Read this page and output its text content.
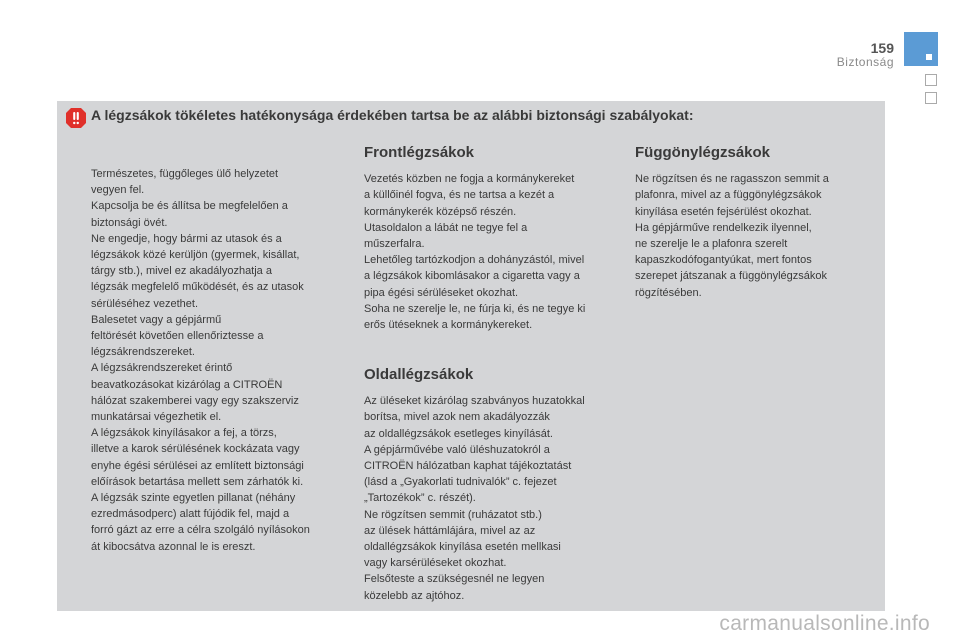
159
Biztonság
A légzsákok tökéletes hatékonysága érdekében tartsa be az alábbi biztonsági szabályokat:

Természetes, függőleges ülő helyzetet

vegyen fel.

Kapcsolja be és állítsa be megfelelően a

biztonsági övét.

Ne engedje, hogy bármi az utasok és a

légzsákok közé kerüljön (gyermek, kisállat,

tárgy stb.), mivel ez akadályozhatja a

légzsák megfelelő működését, és az utasok

sérüléséhez vezethet.

Balesetet vagy a gépjármű

feltörését követően ellenőriztesse a

légzsákrendszereket.

A légzsákrendszereket érintő

beavatkozásokat kizárólag a CITROËN

hálózat szakemberei vagy egy szakszerviz

munkatársai végezhetik el.

A légzsákok kinyílásakor a fej, a törzs,

illetve a karok sérülésének kockázata vagy

enyhe égési sérülései az említett biztonsági

előírások betartása mellett sem zárhatók ki.

A légzsák szinte egyetlen pillanat (néhány

ezredmásodperc) alatt fújódik fel, majd a

forró gázt az erre a célra szolgáló nyílásokon

át kibocsátva azonnal le is ereszt.

Frontlégzsákok

Vezetés közben ne fogja a kormánykereket

a küllőinél fogva, és ne tartsa a kezét a

kormánykerék középső részén.

Utasoldalon a lábát ne tegye fel a

műszerfalra.

Lehetőleg tartózkodjon a dohányzástól, mivel

a légzsákok kibomlásakor a cigaretta vagy a

pipa égési sérüléseket okozhat.

Soha ne szerelje le, ne fúrja ki, és ne tegye ki

erős ütéseknek a kormánykereket.

Oldallégzsákok

Az üléseket kizárólag szabványos huzatokkal

borítsa, mivel azok nem akadályozzák

az oldallégzsákok esetleges kinyílását.

A gépjárművébe való üléshuzatokról a

CITROËN hálózatban kaphat tájékoztatást

(lásd a „Gyakorlati tudnivalók” c. fejezet

„Tartozékok” c. részét).

Ne rögzítsen semmit (ruházatot stb.)

az ülések háttámlájára, mivel az az

oldallégzsákok kinyílása esetén mellkasi

vagy karsérüléseket okozhat.

Felsőteste a szükségesnél ne legyen

közelebb az ajtóhoz.

Függönylégzsákok

Ne rögzítsen és ne ragasszon semmit a

plafonra, mivel az a függönylégzsákok

kinyílása esetén fejsérülést okozhat.

Ha gépjárműve rendelkezik ilyennel,

ne szerelje le a plafonra szerelt

kapaszkodófogantyúkat, mert fontos

szerepet játszanak a függönylégzsákok

rögzítésében.

carmanualsonline.info
